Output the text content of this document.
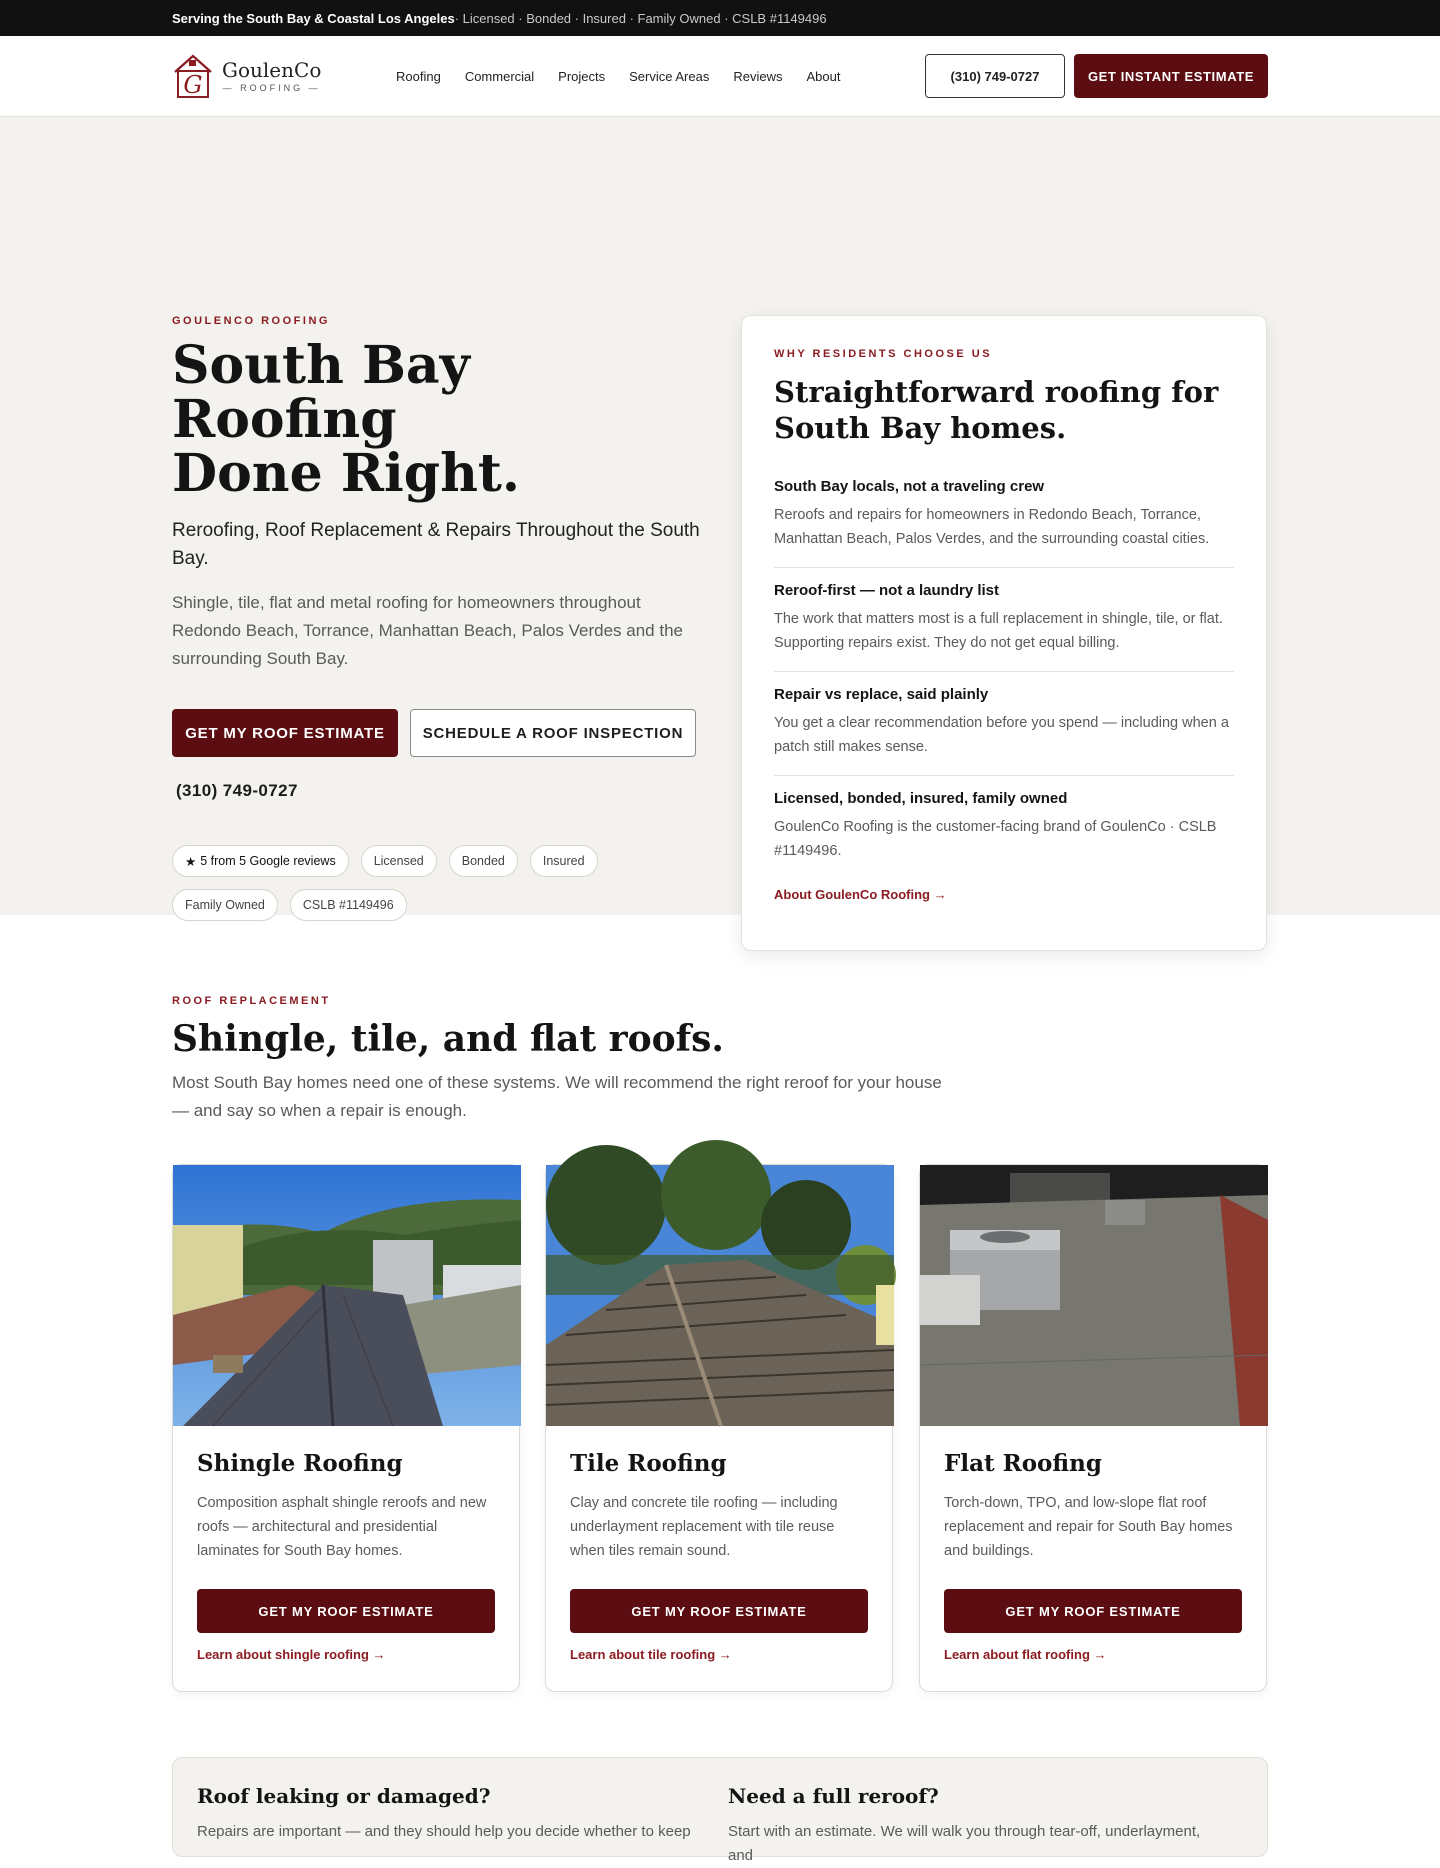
Serving the South Bay & Coastal Los Angeles · Licensed · Bonded · Insured · Family Owned · CSLB #1149496
G
GoulenCo
— ROOFING —
Roofing Commercial Projects Service Areas Reviews About	(310) 749-0727	GET INSTANT ESTIMATE
GOULENCO ROOFING
South Bay Roofing
Done Right.

Reroofing, Roof Replacement & Repairs Throughout the South Bay.

Shingle, tile, flat and metal roofing for homeowners throughout Redondo Beach, Torrance, Manhattan Beach, Palos Verdes and the surrounding South Bay.

GET MY ROOF ESTIMATE	SCHEDULE A ROOF INSPECTION
(310) 749-0727
★ 5 from 5 Google reviews	Licensed	Bonded	Insured
Family Owned	CSLB #1149496
WHY RESIDENTS CHOOSE US
Straightforward roofing for South Bay homes.
South Bay locals, not a traveling crew

Reroofs and repairs for homeowners in Redondo Beach, Torrance, Manhattan Beach, Palos Verdes, and the surrounding coastal cities.

Reroof-first — not a laundry list

The work that matters most is a full replacement in shingle, tile, or flat. Supporting repairs exist. They do not get equal billing.

Repair vs replace, said plainly

You get a clear recommendation before you spend — including when a patch still makes sense.

Licensed, bonded, insured, family owned

GoulenCo Roofing is the customer-facing brand of GoulenCo · CSLB #1149496.

About GoulenCo Roofing →
ROOF REPLACEMENT
Shingle, tile, and flat roofs.

Most South Bay homes need one of these systems. We will recommend the right reroof for your house — and say so when a repair is enough.

Shingle Roofing

Composition asphalt shingle reroofs and new roofs — architectural and presidential laminates for South Bay homes.

GET MY ROOF ESTIMATE
Learn about shingle roofing →
Tile Roofing

Clay and concrete tile roofing — including underlayment replacement with tile reuse when tiles remain sound.

GET MY ROOF ESTIMATE
Learn about tile roofing →
Flat Roofing

Torch-down, TPO, and low-slope flat roof replacement and repair for South Bay homes and buildings.

GET MY ROOF ESTIMATE
Learn about flat roofing →
Roof leaking or damaged?

Repairs are important — and they should help you decide whether to keep

Need a full reroof?

Start with an estimate. We will walk you through tear-off, underlayment, and
